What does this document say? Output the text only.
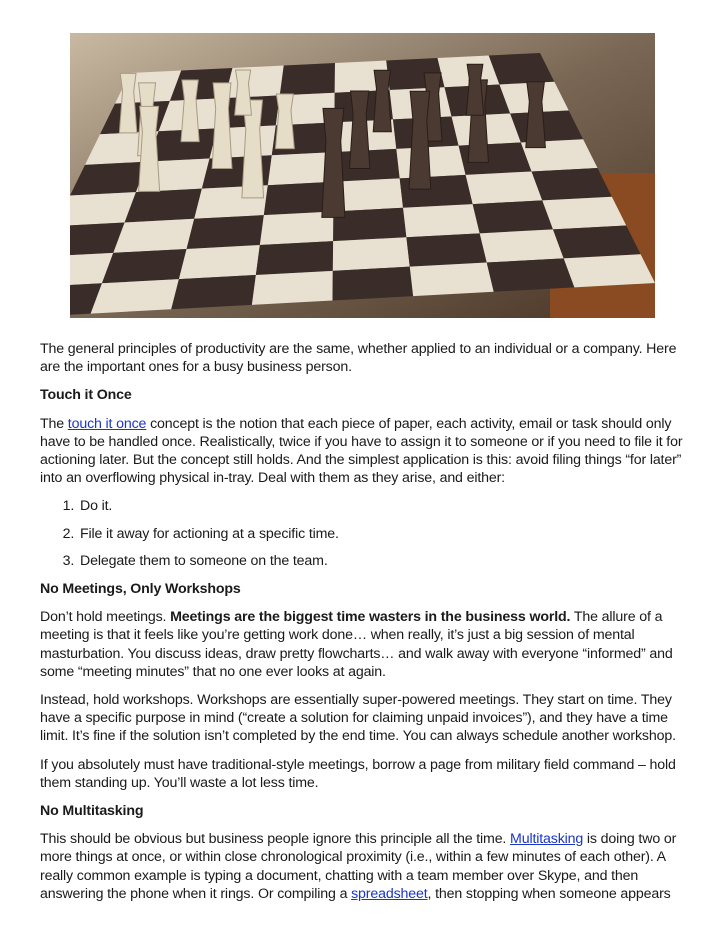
The general principles of productivity are the same, whether applied to an individual or a company. Here are the important ones for a busy business person.

Touch it Once

The touch it once concept is the notion that each piece of paper, each activity, email or task should only have to be handled once. Realistically, twice if you have to assign it to someone or if you need to file it for actioning later. But the concept still holds. And the simplest application is this: avoid filing things “for later” into an overflowing physical in-tray. Deal with them as they arise, and either:

1. Do it.
2. File it away for actioning at a specific time.
3. Delegate them to someone on the team.
No Meetings, Only Workshops

Don’t hold meetings. Meetings are the biggest time wasters in the business world. The allure of a meeting is that it feels like you’re getting work done… when really, it’s just a big session of mental masturbation. You discuss ideas, draw pretty flowcharts… and walk away with everyone “informed” and some “meeting minutes” that no one ever looks at again.

Instead, hold workshops. Workshops are essentially super-powered meetings. They start on time. They have a specific purpose in mind (“create a solution for claiming unpaid invoices”), and they have a time limit. It’s fine if the solution isn’t completed by the end time. You can always schedule another workshop.

If you absolutely must have traditional-style meetings, borrow a page from military field command – hold them standing up. You’ll waste a lot less time.

No Multitasking

This should be obvious but business people ignore this principle all the time. Multitasking is doing two or more things at once, or within close chronological proximity (i.e., within a few minutes of each other). A really common example is typing a document, chatting with a team member over Skype, and then answering the phone when it rings. Or compiling a spreadsheet, then stopping when someone appears
